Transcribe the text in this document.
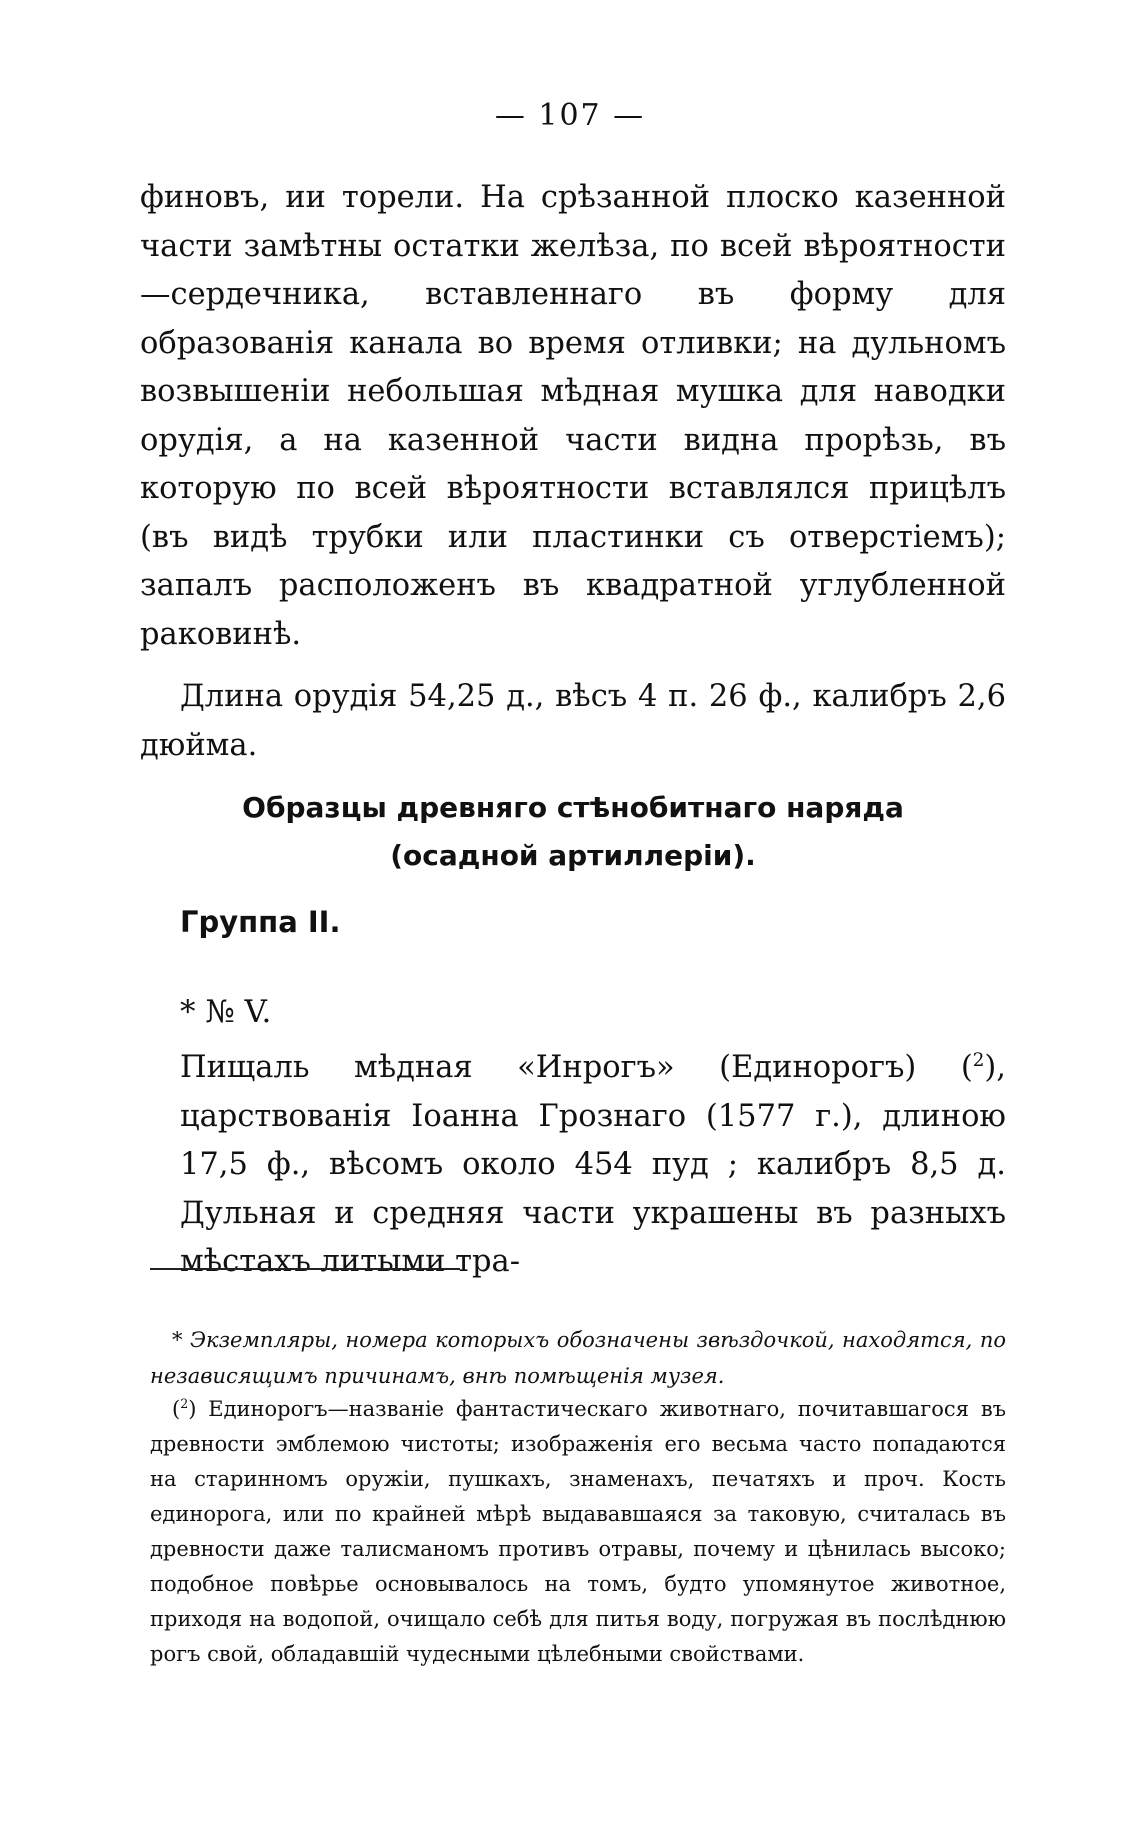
— 107 —

финовъ, ии торели. На срѣзанной плоско казенной части замѣтны остатки желѣза, по всей вѣроятности—сердечника, вставленнаго въ форму для образованія канала во время отливки; на дульномъ возвышеніи небольшая мѣдная мушка для наводки орудія, а на казенной части видна прорѣзь, въ которую по всей вѣроятности вставлялся прицѣлъ (въ видѣ трубки или пластинки съ отверстіемъ); запалъ расположенъ въ квадратной углубленной раковинѣ.

Длина орудія 54,25 д., вѣсъ 4 п. 26 ф., калибръ 2,6 дюйма.

Образцы древняго стѣнобитнаго наряда
(осадной артиллеріи).
Группа II.
* № V.

Пищаль мѣдная «Инрогъ» (Единорогъ) ($^2$), царствованія Іоанна Грознаго (1577 г.), длиною 17,5 ф., вѣсомъ около 454 пуд ; калибръ 8,5 д. Дульная и средняя части украшены въ разныхъ мѣстахъ литыми тра-

* Экземпляры, номера которыхъ обозначены звѣздочкой, находятся, по независящимъ причинамъ, внѣ помѣщенія музея.

($^2$) Единорогъ—названіе фантастическаго животнаго, почитавшагося въ древности эмблемою чистоты; изображенія его весьма часто попадаются на старинномъ оружіи, пушкахъ, знаменахъ, печатяхъ и проч. Кость единорога, или по крайней мѣрѣ выдававшаяся за таковую, считалась въ древности даже талисманомъ противъ отравы, почему и цѣнилась высоко; подобное повѣрье основывалось на томъ, будто упомянутое животное, приходя на водопой, очищало себѣ для питья воду, погружая въ послѣднюю рогъ свой, обладавшій чудесными цѣлебными свойствами.
